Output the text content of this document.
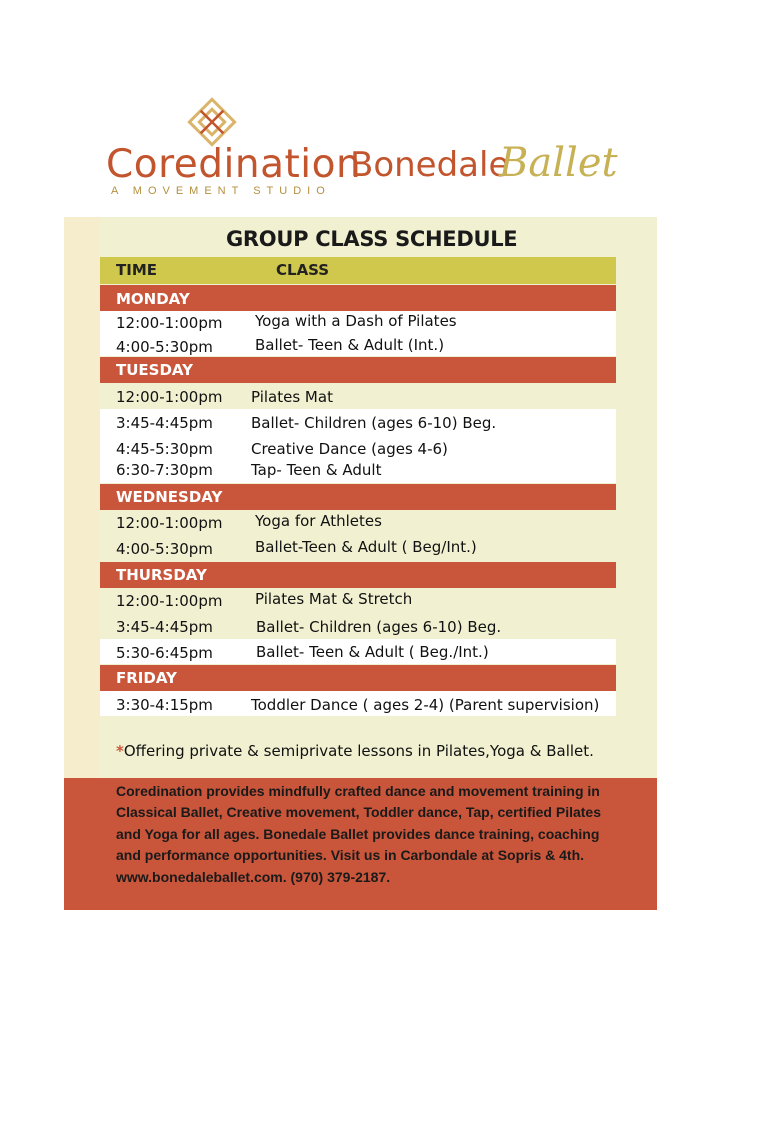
Coredination
A MOVEMENT STUDIO
Bonedale
Ballet
GROUP CLASS SCHEDULE
TIME	CLASS
MONDAY
12:00-1:00pm Yoga with a Dash of Pilates
4:00-5:30pm	Ballet- Teen & Adult (Int.)
TUESDAY
12:00-1:00pm Pilates Mat
3:45-4:45pm	Ballet- Children (ages 6-10) Beg.
4:45-5:30pm	Creative Dance (ages 4-6)
6:30-7:30pm	Tap- Teen & Adult
WEDNESDAY
12:00-1:00pm Yoga for Athletes
4:00-5:30pm	Ballet-Teen & Adult ( Beg/Int.)
THURSDAY
12:00-1:00pm Pilates Mat & Stretch
3:45-4:45pm	Ballet- Children (ages 6-10) Beg.
5:30-6:45pm	Ballet- Teen & Adult ( Beg./Int.)
FRIDAY
3:30-4:15pm	Toddler Dance ( ages 2-4) (Parent supervision)
*Offering private & semiprivate lessons in Pilates,Yoga & Ballet.
Coredination provides mindfully crafted dance and movement training in Classical Ballet, Creative movement, Toddler dance, Tap, certified Pilates and Yoga for all ages. Bonedale Ballet provides dance training, coaching and performance opportunities. Visit us in Carbondale at Sopris & 4th. www.bonedaleballet.com. (970) 379-2187.
